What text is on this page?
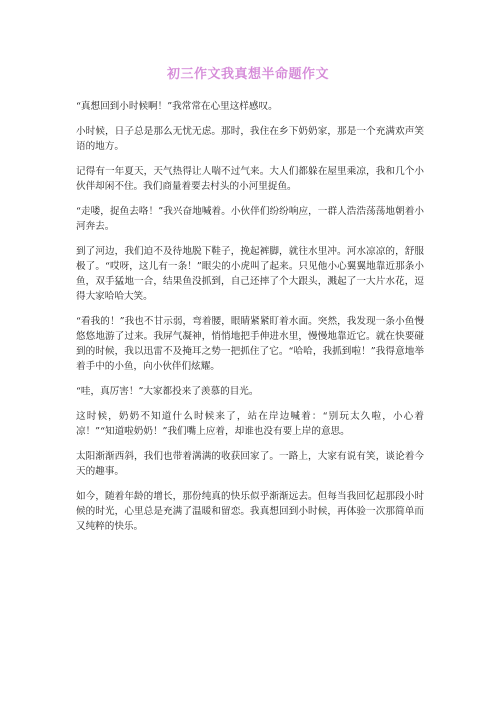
初三作文我真想半命题作文

“真想回到小时候啊！”我常常在心里这样感叹。

小时候，日子总是那么无忧无虑。那时，我住在乡下奶奶家，那是一个充满欢声笑语的地方。

记得有一年夏天，天气热得让人喘不过气来。大人们都躲在屋里乘凉，我和几个小伙伴却闲不住。我们商量着要去村头的小河里捉鱼。

“走喽，捉鱼去咯！”我兴奋地喊着。小伙伴们纷纷响应，一群人浩浩荡荡地朝着小河奔去。

到了河边，我们迫不及待地脱下鞋子，挽起裤脚，就往水里冲。河水凉凉的，舒服极了。“哎呀，这儿有一条！”眼尖的小虎叫了起来。只见他小心翼翼地靠近那条小鱼，双手猛地一合，结果鱼没抓到，自己还摔了个大跟头，溅起了一大片水花，逗得大家哈哈大笑。

“看我的！”我也不甘示弱，弯着腰，眼睛紧紧盯着水面。突然，我发现一条小鱼慢悠悠地游了过来。我屏气凝神，悄悄地把手伸进水里，慢慢地靠近它。就在快要碰到的时候，我以迅雷不及掩耳之势一把抓住了它。“哈哈，我抓到啦！”我得意地举着手中的小鱼，向小伙伴们炫耀。

“哇，真厉害！”大家都投来了羡慕的目光。

这时候，奶奶不知道什么时候来了，站在岸边喊着：“别玩太久啦，小心着凉！”“知道啦奶奶！”我们嘴上应着，却谁也没有要上岸的意思。

太阳渐渐西斜，我们也带着满满的收获回家了。一路上，大家有说有笑，谈论着今天的趣事。

如今，随着年龄的增长，那份纯真的快乐似乎渐渐远去。但每当我回忆起那段小时候的时光，心里总是充满了温暖和留恋。我真想回到小时候，再体验一次那简单而又纯粹的快乐。
